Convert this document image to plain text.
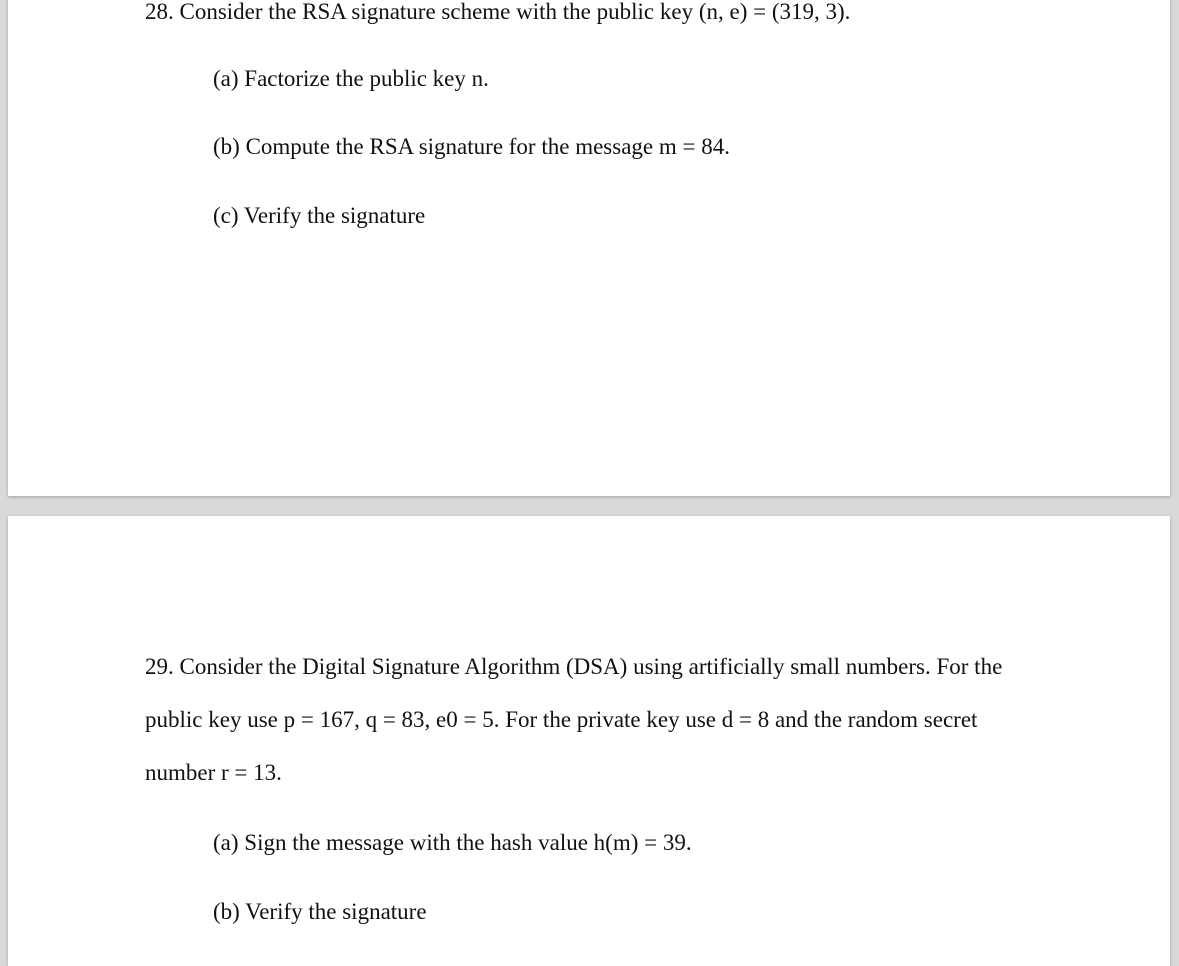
28. Consider the RSA signature scheme with the public key (n, e) = (319, 3).
(a) Factorize the public key n.
(b) Compute the RSA signature for the message m = 84.
(c) Verify the signature
29. Consider the Digital Signature Algorithm (DSA) using artificially small numbers. For the
public key use p = 167, q = 83, e0 = 5. For the private key use d = 8 and the random secret
number r = 13.
(a) Sign the message with the hash value h(m) = 39.
(b) Verify the signature
